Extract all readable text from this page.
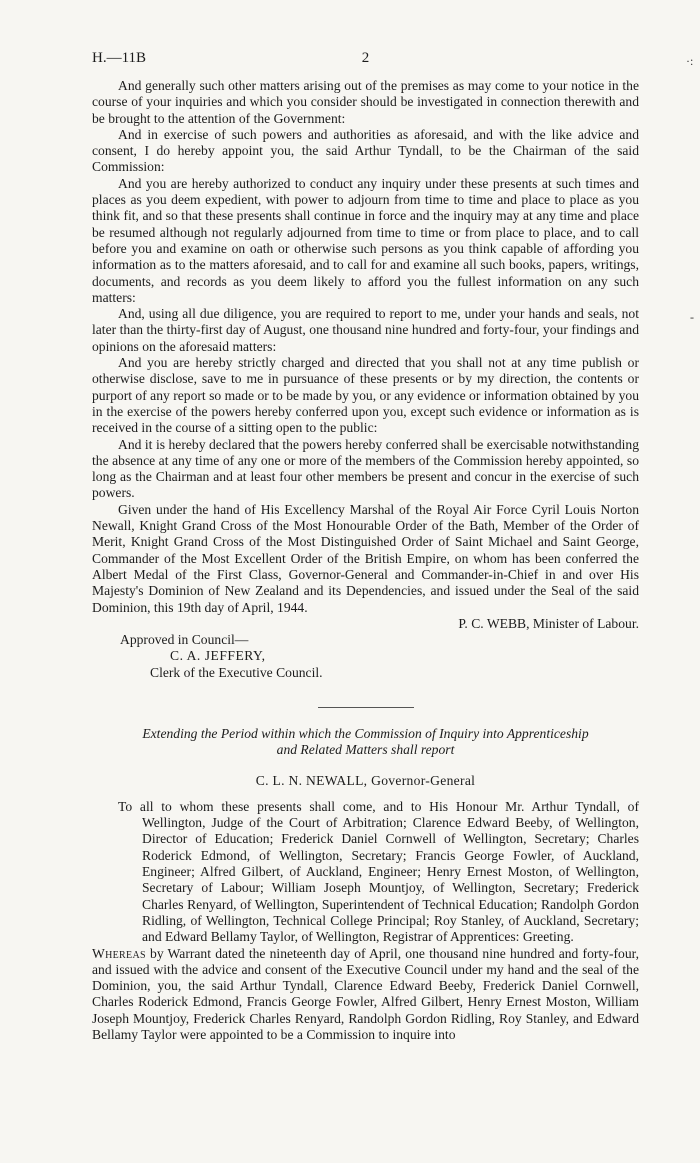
H.—11B	2

And generally such other matters arising out of the premises as may come to your notice in the course of your inquiries and which you consider should be investigated in connection therewith and be brought to the attention of the Government:

And in exercise of such powers and authorities as aforesaid, and with the like advice and consent, I do hereby appoint you, the said Arthur Tyndall, to be the Chairman of the said Commission:

And you are hereby authorized to conduct any inquiry under these presents at such times and places as you deem expedient, with power to adjourn from time to time and place to place as you think fit, and so that these presents shall continue in force and the inquiry may at any time and place be resumed although not regularly adjourned from time to time or from place to place, and to call before you and examine on oath or otherwise such persons as you think capable of affording you information as to the matters aforesaid, and to call for and examine all such books, papers, writings, documents, and records as you deem likely to afford you the fullest information on any such matters:

And, using all due diligence, you are required to report to me, under your hands and seals, not later than the thirty-first day of August, one thousand nine hundred and forty-four, your findings and opinions on the aforesaid matters:

And you are hereby strictly charged and directed that you shall not at any time publish or otherwise disclose, save to me in pursuance of these presents or by my direction, the contents or purport of any report so made or to be made by you, or any evidence or information obtained by you in the exercise of the powers hereby conferred upon you, except such evidence or information as is received in the course of a sitting open to the public:

And it is hereby declared that the powers hereby conferred shall be exercisable notwithstanding the absence at any time of any one or more of the members of the Commission hereby appointed, so long as the Chairman and at least four other members be present and concur in the exercise of such powers.

Given under the hand of His Excellency Marshal of the Royal Air Force Cyril Louis Norton Newall, Knight Grand Cross of the Most Honourable Order of the Bath, Member of the Order of Merit, Knight Grand Cross of the Most Distinguished Order of Saint Michael and Saint George, Commander of the Most Excellent Order of the British Empire, on whom has been conferred the Albert Medal of the First Class, Governor-General and Commander-in-Chief in and over His Majesty's Dominion of New Zealand and its Dependencies, and issued under the Seal of the said Dominion, this 19th day of April, 1944.

P. C. WEBB, Minister of Labour.

Approved in Council—

C. A. JEFFERY,

Clerk of the Executive Council.

Extending the Period within which the Commission of Inquiry into Apprenticeship

and Related Matters shall report

C. L. N. NEWALL, Governor-General

To all to whom these presents shall come, and to His Honour Mr. Arthur Tyndall, of Wellington, Judge of the Court of Arbitration; Clarence Edward Beeby, of Wellington, Director of Education; Frederick Daniel Cornwell of Wellington, Secretary; Charles Roderick Edmond, of Wellington, Secretary; Francis George Fowler, of Auckland, Engineer; Alfred Gilbert, of Auckland, Engineer; Henry Ernest Moston, of Wellington, Secretary of Labour; William Joseph Mountjoy, of Wellington, Secretary; Frederick Charles Renyard, of Wellington, Superintendent of Technical Education; Randolph Gordon Ridling, of Wellington, Technical College Principal; Roy Stanley, of Auckland, Secretary; and Edward Bellamy Taylor, of Wellington, Registrar of Apprentices: Greeting.

Whereas by Warrant dated the nineteenth day of April, one thousand nine hundred and forty-four, and issued with the advice and consent of the Executive Council under my hand and the seal of the Dominion, you, the said Arthur Tyndall, Clarence Edward Beeby, Frederick Daniel Cornwell, Charles Roderick Edmond, Francis George Fowler, Alfred Gilbert, Henry Ernest Moston, William Joseph Mountjoy, Frederick Charles Renyard, Randolph Gordon Ridling, Roy Stanley, and Edward Bellamy Taylor were appointed to be a Commission to inquire into

·:
-
